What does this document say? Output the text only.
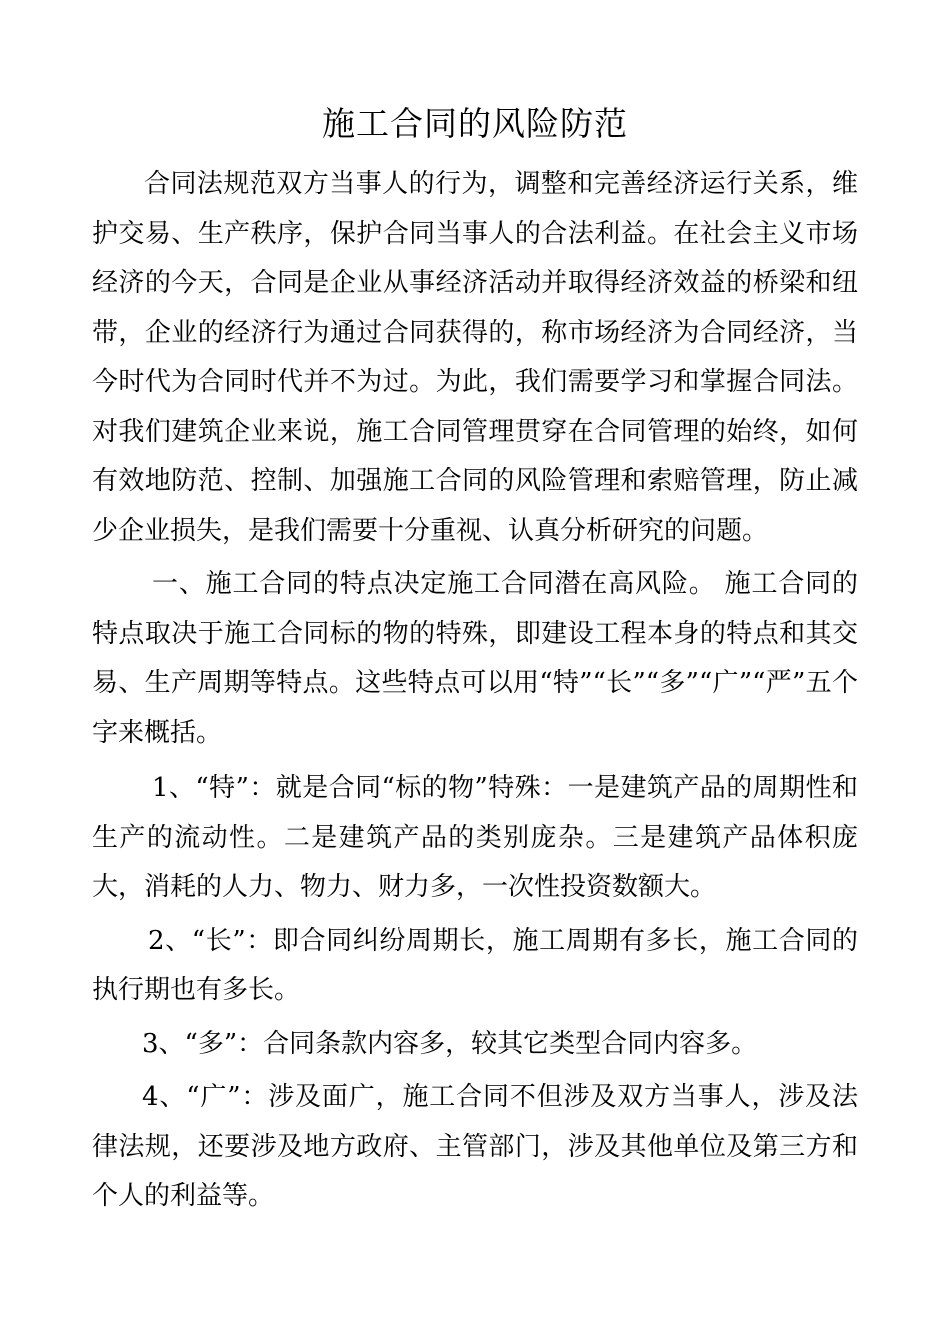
施工合同的风险防范

合同法规范双方当事人的行为，调整和完善经济运行关系，维护交易、生产秩序，保护合同当事人的合法利益。在社会主义市场经济的今天，合同是企业从事经济活动并取得经济效益的桥梁和纽带，企业的经济行为通过合同获得的，称市场经济为合同经济，当今时代为合同时代并不为过。为此，我们需要学习和掌握合同法。对我们建筑企业来说，施工合同管理贯穿在合同管理的始终，如何有效地防范、控制、加强施工合同的风险管理和索赔管理，防止减少企业损失，是我们需要十分重视、认真分析研究的问题。

一、施工合同的特点决定施工合同潜在高风险。 施工合同的特点取决于施工合同标的物的特殊，即建设工程本身的特点和其交易、生产周期等特点。这些特点可以用“特”“长”“多”“广”“严”五个字来概括。

1、“特”：就是合同“标的物”特殊：一是建筑产品的周期性和生产的流动性。二是建筑产品的类别庞杂。三是建筑产品体积庞大，消耗的人力、物力、财力多，一次性投资数额大。

2、“长”：即合同纠纷周期长，施工周期有多长，施工合同的执行期也有多长。

3、“多”：合同条款内容多，较其它类型合同内容多。

4、“广”：涉及面广，施工合同不但涉及双方当事人，涉及法律法规，还要涉及地方政府、主管部门，涉及其他单位及第三方和个人的利益等。
